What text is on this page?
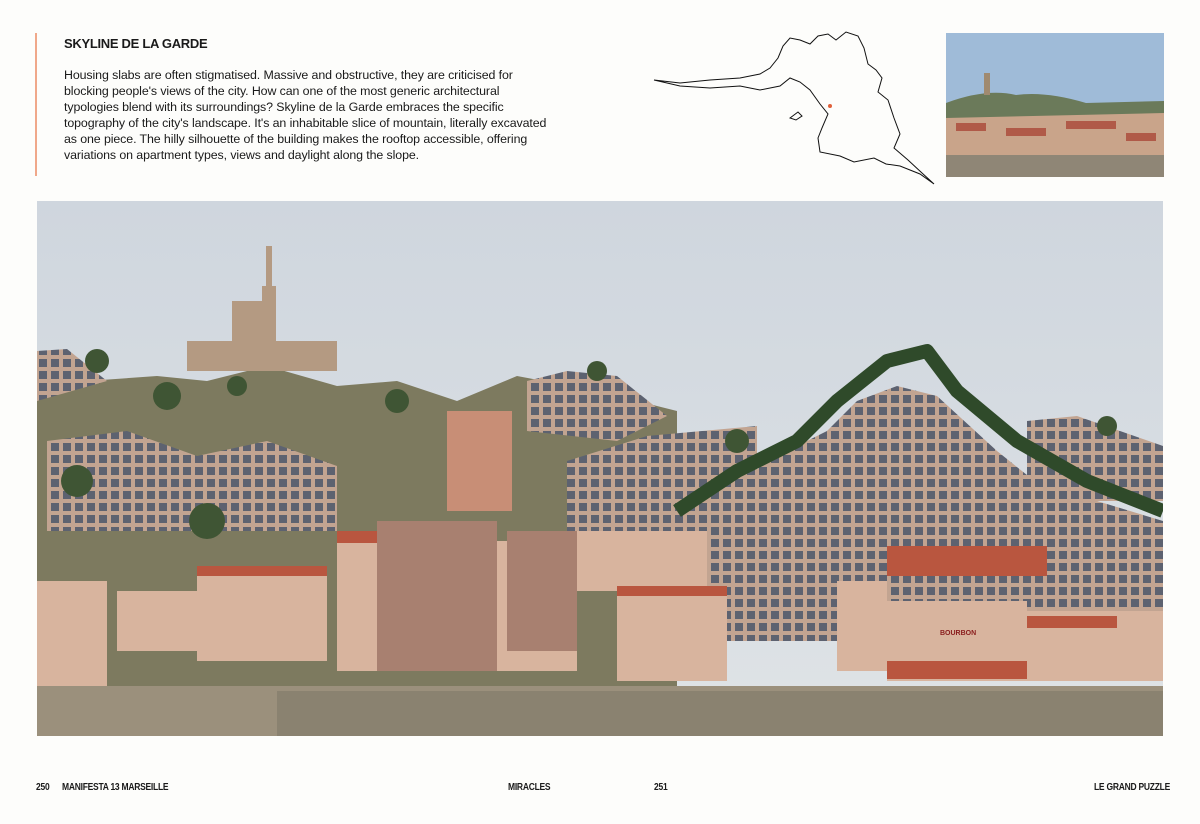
SKYLINE DE LA GARDE
Housing slabs are often stigmatised. Massive and obstructive, they are criticised for blocking people's views of the city. How can one of the most generic architectural typologies blend with its surroundings? Skyline de la Garde embraces the specific topography of the city's landscape. It's an inhabitable slice of mountain, literally excavated as one piece. The hilly silhouette of the building makes the rooftop accessible, offering variations on apartment types, views and daylight along the slope.
BOURBON
250 MANIFESTA 13 MARSEILLE	MIRACLES	251	LE GRAND PUZZLE
